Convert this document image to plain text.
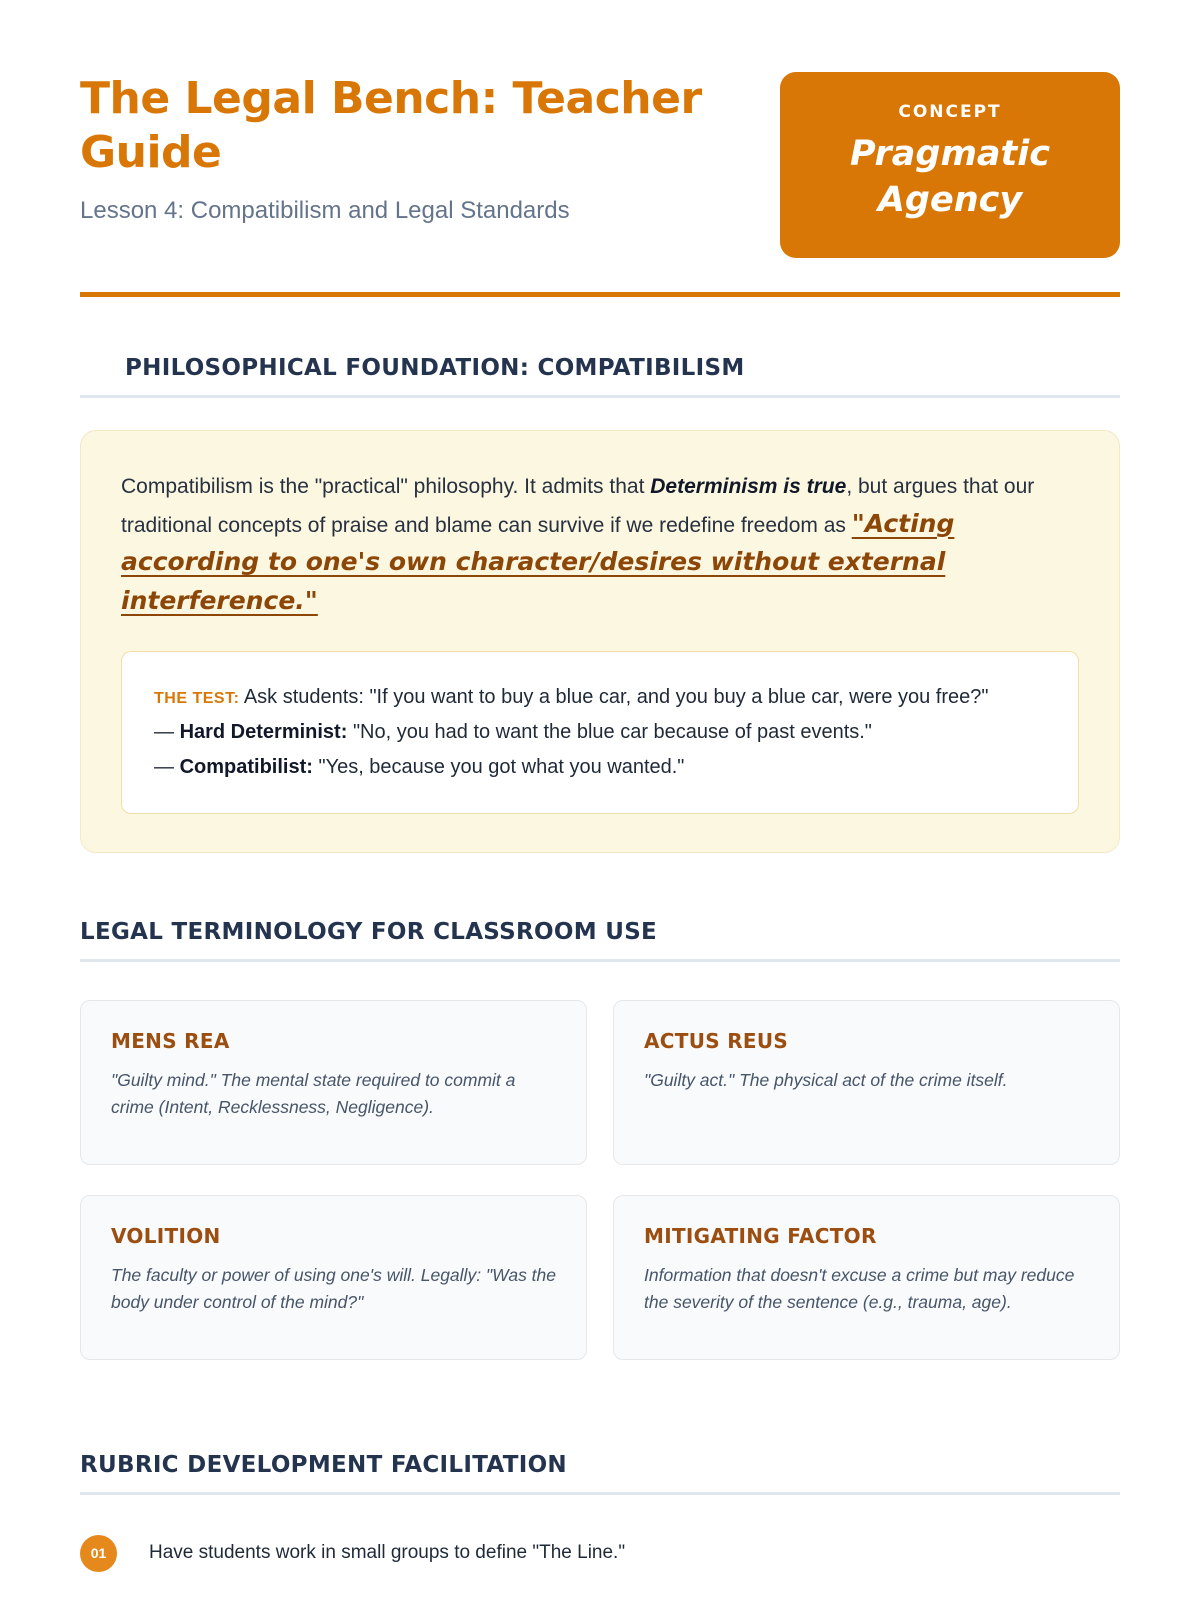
The Legal Bench: Teacher Guide
Lesson 4: Compatibilism and Legal Standards
CONCEPT
Pragmatic Agency
PHILOSOPHICAL FOUNDATION: COMPATIBILISM

Compatibilism is the "practical" philosophy. It admits that Determinism is true, but argues that our traditional concepts of praise and blame can survive if we redefine freedom as "Acting according to one's own character/desires without external interference."

THE TEST: Ask students: "If you want to buy a blue car, and you buy a blue car, were you free?"
— Hard Determinist: "No, you had to want the blue car because of past events."
— Compatibilist: "Yes, because you got what you wanted."
LEGAL TERMINOLOGY FOR CLASSROOM USE
MENS REA
"Guilty mind." The mental state required to commit a crime (Intent, Recklessness, Negligence).
ACTUS REUS
"Guilty act." The physical act of the crime itself.
VOLITION
The faculty or power of using one's will. Legally: "Was the body under control of the mind?"
MITIGATING FACTOR
Information that doesn't excuse a crime but may reduce the severity of the sentence (e.g., trauma, age).
RUBRIC DEVELOPMENT FACILITATION
01	Have students work in small groups to define "The Line."
